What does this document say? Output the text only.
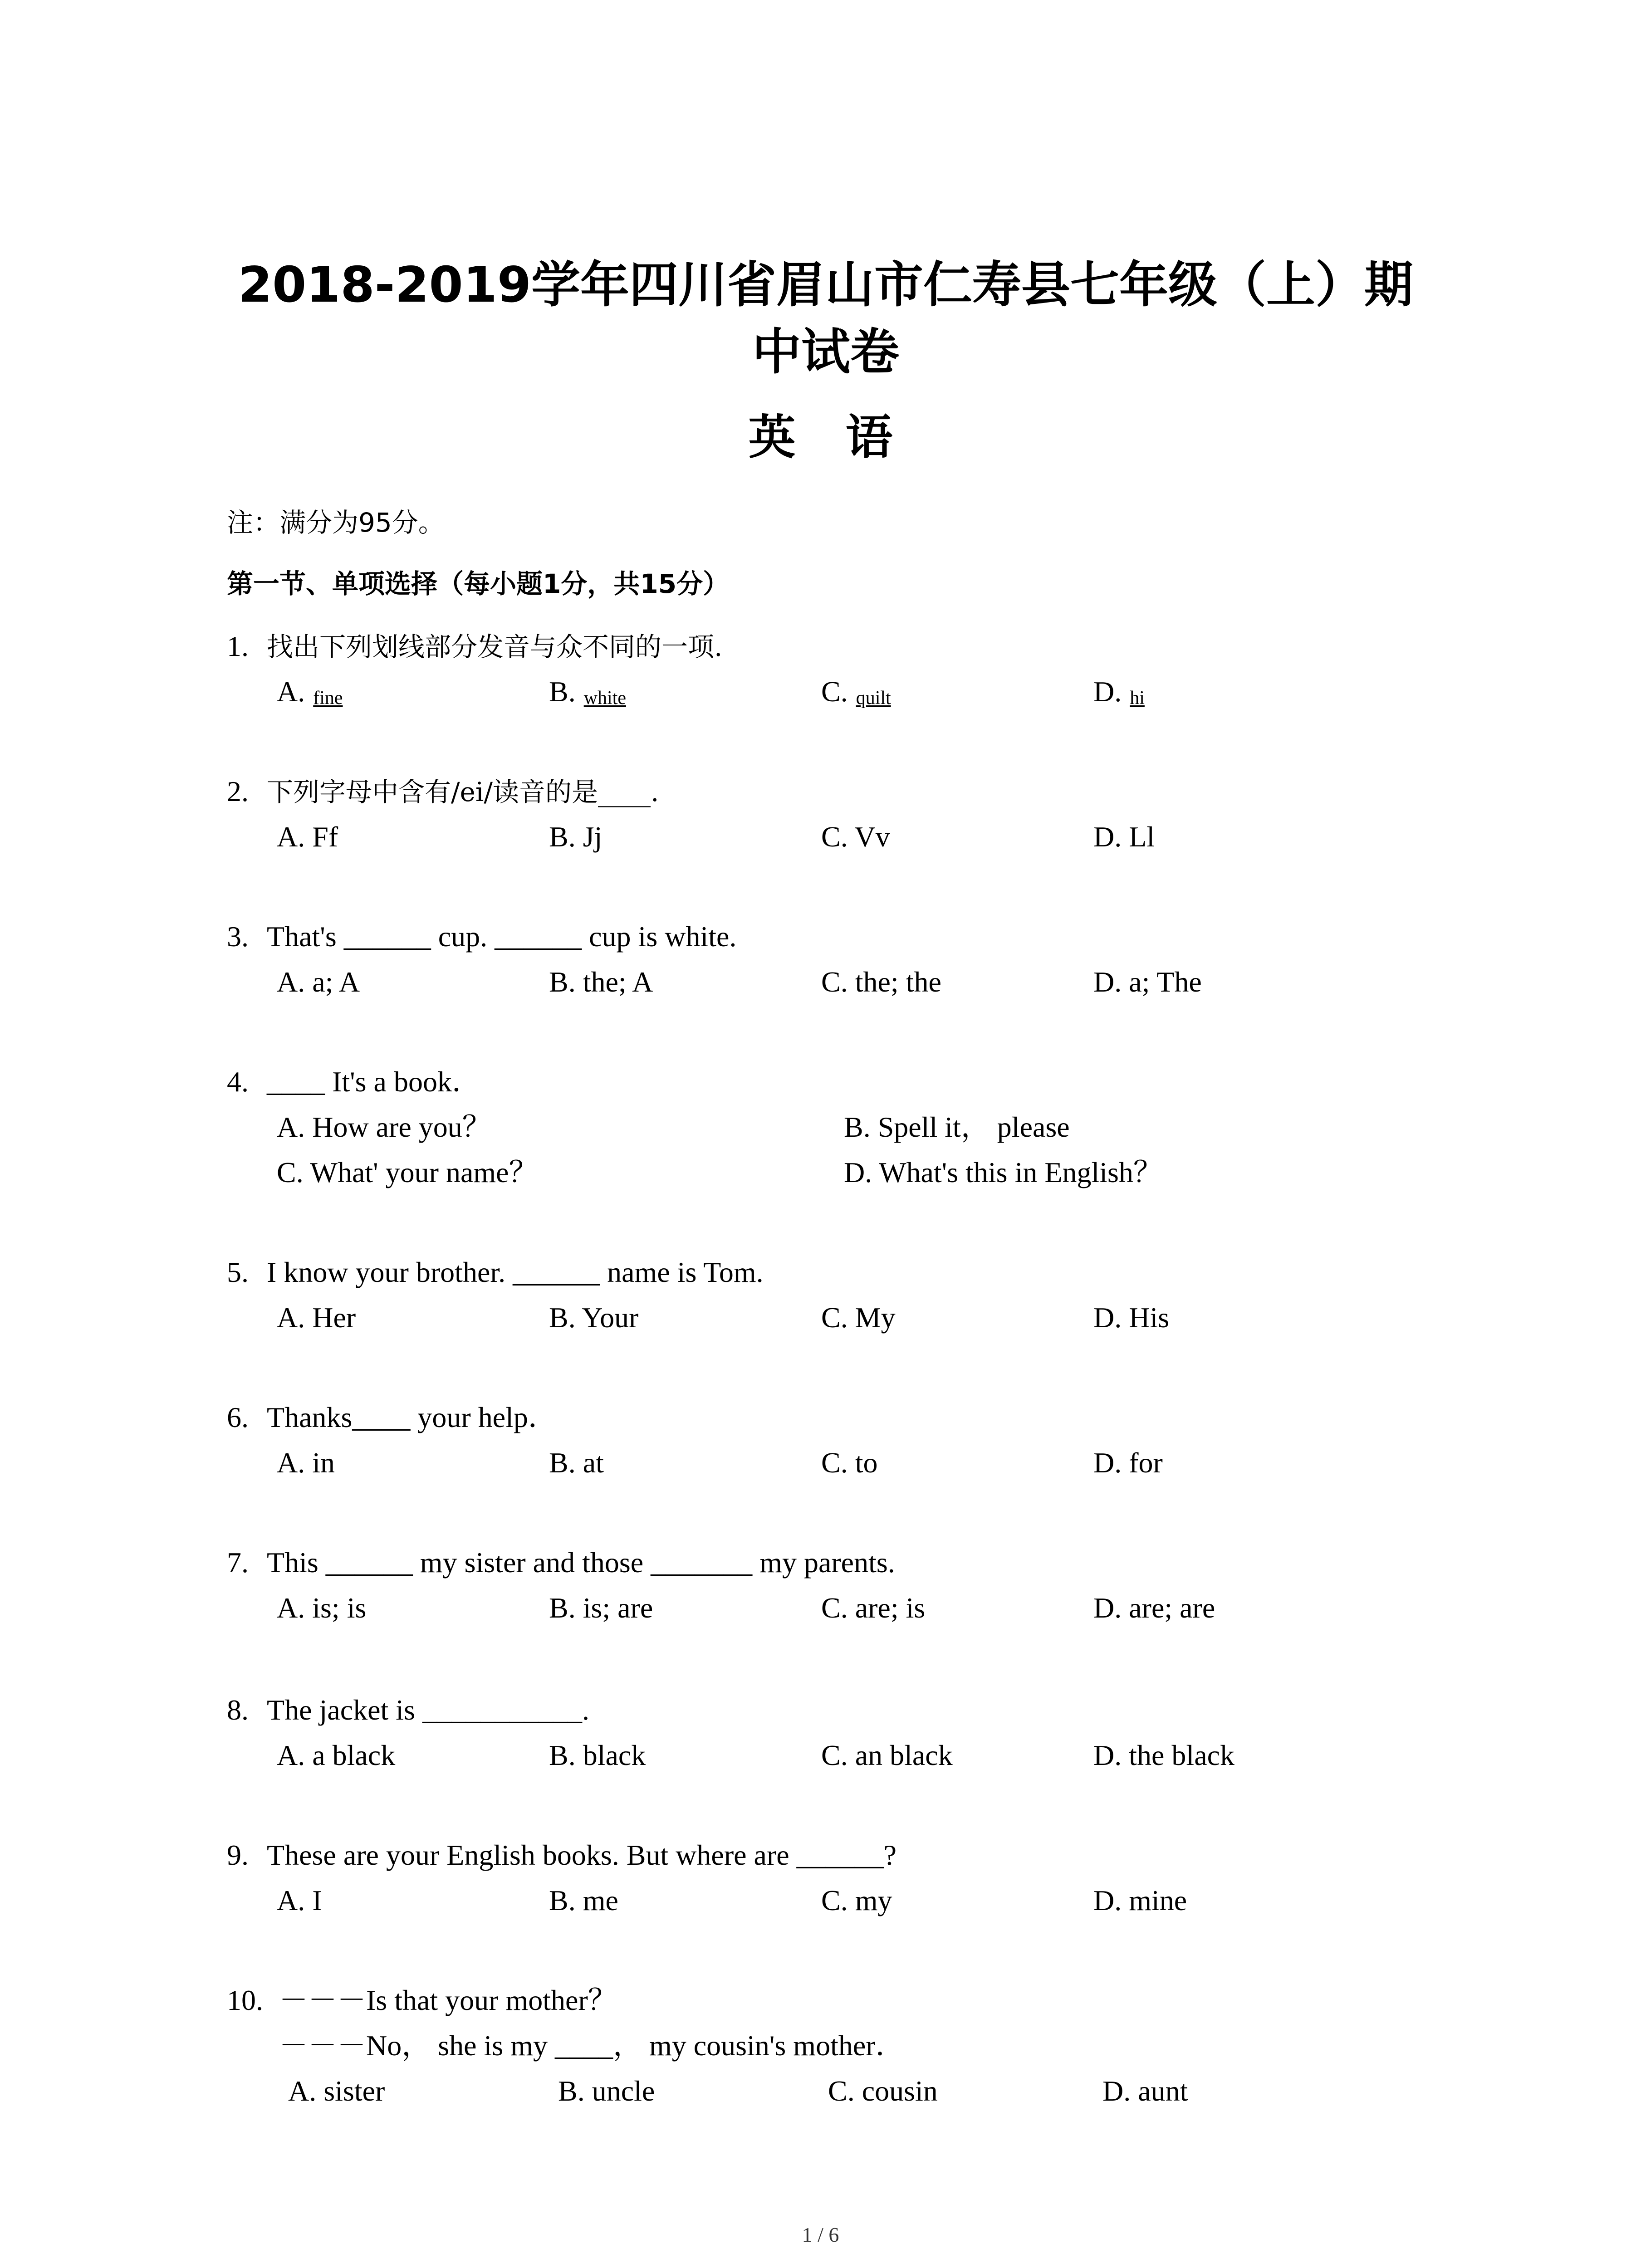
2018-2019学年四川省眉山市仁寿县七年级（上）期中试卷
英语
注：满分为95分。
第一节、单项选择（每小题1分，共15分）
1. 找出下列划线部分发音与众不同的一项.
A. fine	B. white	C. quilt	D. hi
2. 下列字母中含有/ei/读音的是____.
A. Ff	B. Jj	C. Vv	D. Ll
3. That's ______ cup. ______ cup is white.
A. a; A	B. the; A	C. the; the	D. a; The
4. ____ It's a book．
A. How are you？	B. Spell it， please
C. What' your name？	D. What's this in English？
5. I know your brother. ______ name is Tom.
A. Her	B. Your	C. My	D. His
6. Thanks____ your help．
A. in	B. at	C. to	D. for
7. This ______ my sister and those _______ my parents.
A. is; is	B. is; are	C. are; is	D. are; are
8. The jacket is ___________.
A. a black	B. black	C. an black	D. the black
9. These are your English books. But where are ______?
A. I	B. me	C. my	D. mine
10. －－－Is that your mother？
－－－No， she is my ____， my cousin's mother．
A. sister	B. uncle	C. cousin	D. aunt
1 / 6
